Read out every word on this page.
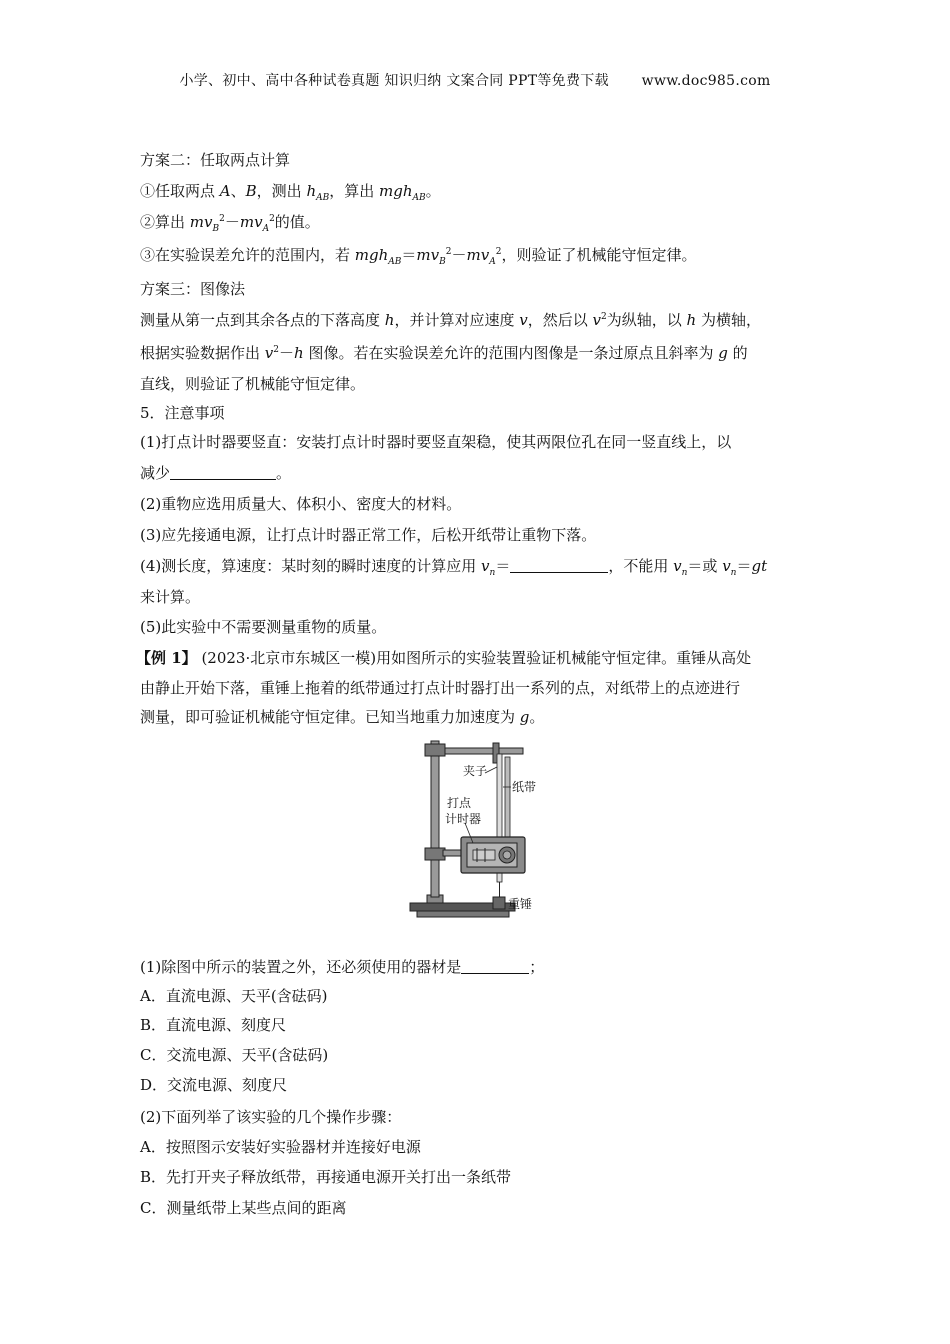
小学、初中、高中各种试卷真题 知识归纳 文案合同 PPT等免费下载 www.doc985.com
方案二：任取两点计算
①任取两点 A、B，测出 $h_{AB}$，算出 mgh$_{AB}$。
②算出 $mv_B^2-mv_A^2$的值。
③在实验误差允许的范围内，若 $mgh_{AB}=mv_B^2-mv_A^2$，则验证了机械能守恒定律。
方案三：图像法
测量从第一点到其余各点的下落高度 h，并计算对应速度 v，然后以 $v^2$为纵轴，以 h 为横轴，
根据实验数据作出 $v^2-h$ 图像。若在实验误差允许的范围内图像是一条过原点且斜率为 g 的
直线，则验证了机械能守恒定律。
5．注意事项
(1)打点计时器要竖直：安装打点计时器时要竖直架稳，使其两限位孔在同一竖直线上，以
减少	。
(2)重物应选用质量大、体积小、密度大的材料。
(3)应先接通电源，让打点计时器正常工作，后松开纸带让重物下落。
(4)测长度，算速度：某时刻的瞬时速度的计算应用 $v_n=$	，不能用 $v_n=$或 $v_n=gt$
来计算。
(5)此实验中不需要测量重物的质量。
【例 1】 (2023·北京市东城区一模)用如图所示的实验装置验证机械能守恒定律。重锤从高处
由静止开始下落，重锤上拖着的纸带通过打点计时器打出一系列的点，对纸带上的点迹进行
测量，即可验证机械能守恒定律。已知当地重力加速度为 g。
夹子
纸带
打点
计时器
重锤
(1)除图中所示的装置之外，还必须使用的器材是	；
A．直流电源、天平(含砝码)
B．直流电源、刻度尺
C．交流电源、天平(含砝码)
D．交流电源、刻度尺
(2)下面列举了该实验的几个操作步骤：
A．按照图示安装好实验器材并连接好电源
B．先打开夹子释放纸带，再接通电源开关打出一条纸带
C．测量纸带上某些点间的距离
